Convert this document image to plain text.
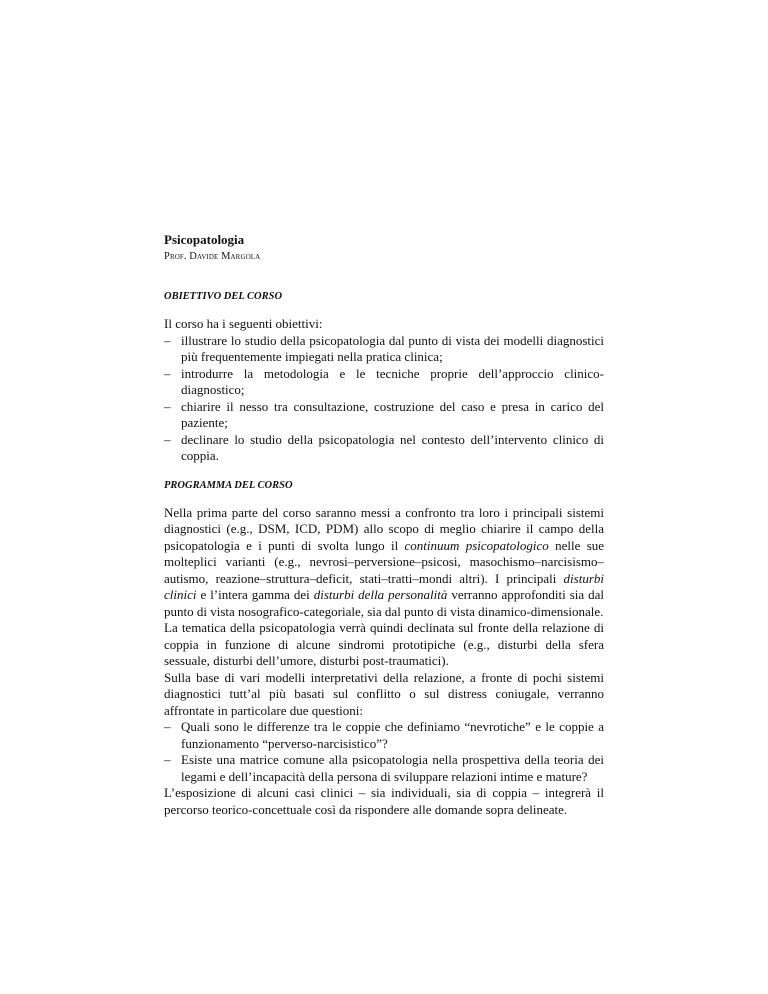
Psicopatologia

Prof. Davide Margola

OBIETTIVO DEL CORSO

Il corso ha i seguenti obiettivi:

– illustrare lo studio della psicopatologia dal punto di vista dei modelli diagnostici più frequentemente impiegati nella pratica clinica;
– introdurre la metodologia e le tecniche proprie dell’approccio clinico-diagnostico;
– chiarire il nesso tra consultazione, costruzione del caso e presa in carico del paziente;
– declinare lo studio della psicopatologia nel contesto dell’intervento clinico di coppia.
PROGRAMMA DEL CORSO

Nella prima parte del corso saranno messi a confronto tra loro i principali sistemi diagnostici (e.g., DSM, ICD, PDM) allo scopo di meglio chiarire il campo della psicopatologia e i punti di svolta lungo il continuum psicopatologico nelle sue molteplici varianti (e.g., nevrosi–perversione–psicosi, masochismo–narcisismo–autismo, reazione–struttura–deficit, stati–tratti–mondi altri). I principali disturbi clinici e l’intera gamma dei disturbi della personalità verranno approfonditi sia dal punto di vista nosografico-categoriale, sia dal punto di vista dinamico-dimensionale.

La tematica della psicopatologia verrà quindi declinata sul fronte della relazione di coppia in funzione di alcune sindromi prototipiche (e.g., disturbi della sfera sessuale, disturbi dell’umore, disturbi post-traumatici).

Sulla base di vari modelli interpretativi della relazione, a fronte di pochi sistemi diagnostici tutt’al più basati sul conflitto o sul distress coniugale, verranno affrontate in particolare due questioni:

– Quali sono le differenze tra le coppie che definiamo “nevrotiche” e le coppie a funzionamento “perverso-narcisistico”?
– Esiste una matrice comune alla psicopatologia nella prospettiva della teoria dei legami e dell’incapacità della persona di sviluppare relazioni intime e mature?

L’esposizione di alcuni casi clinici – sia individuali, sia di coppia – integrerà il percorso teorico-concettuale così da rispondere alle domande sopra delineate.
